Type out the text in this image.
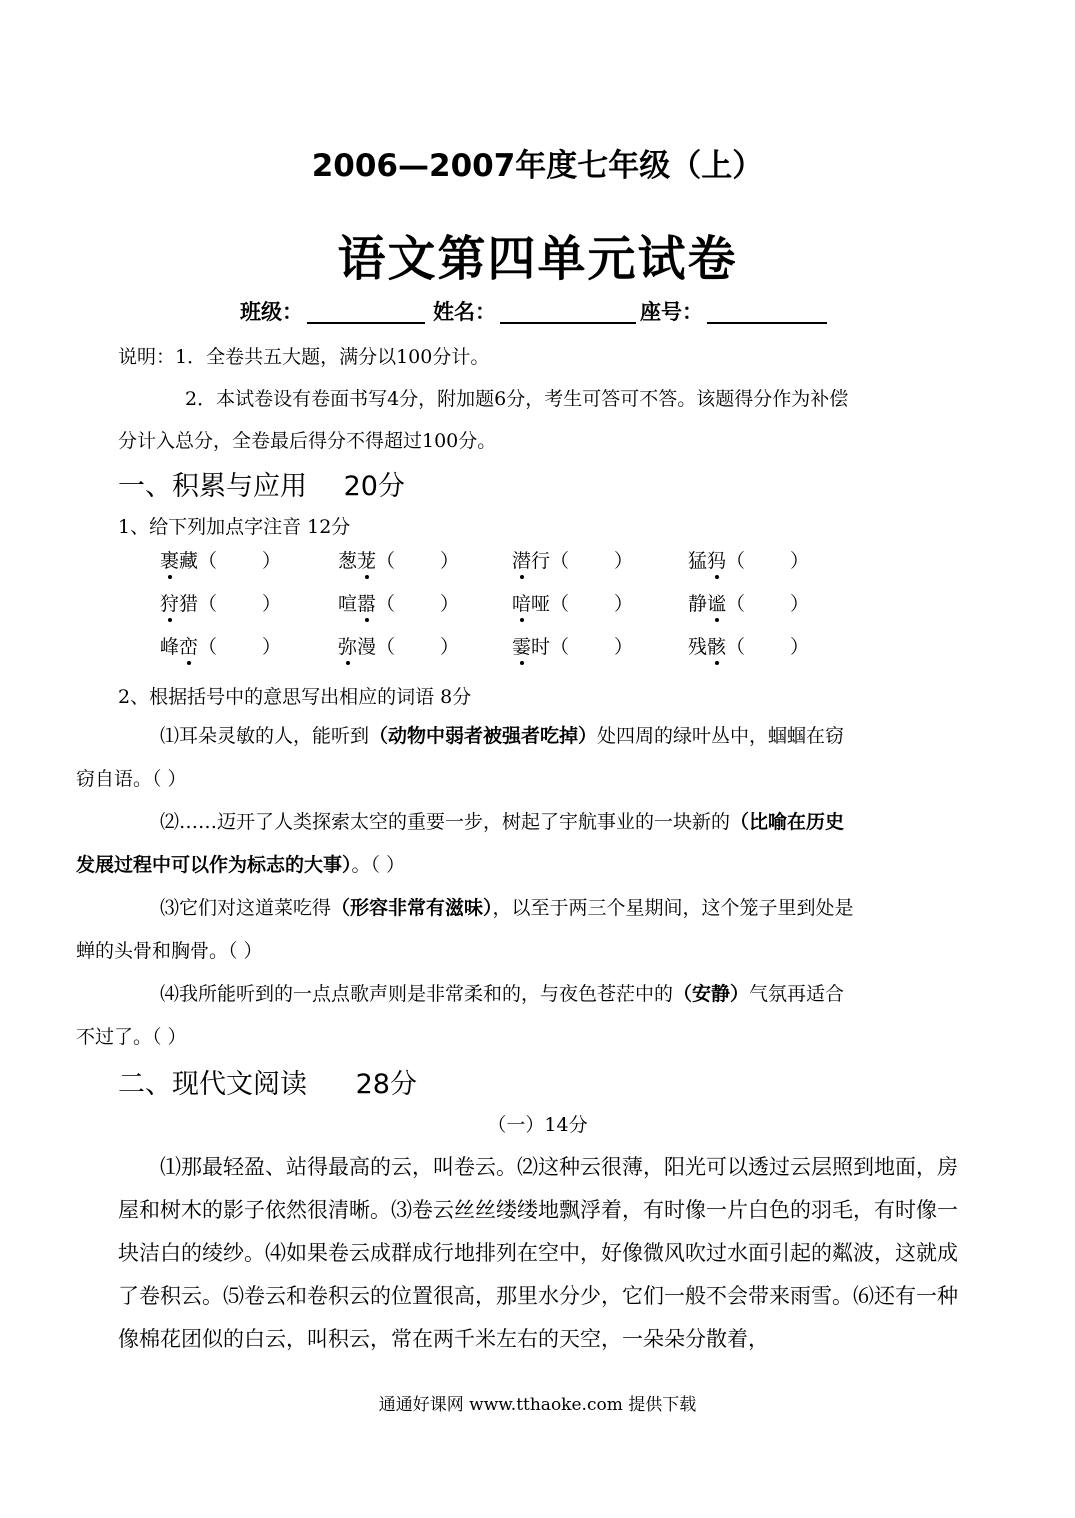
2006—2007年度七年级（上）
语文第四单元试卷
班级：	姓名：	座号：
说明：1．全卷共五大题，满分以100分计。
2．本试卷设有卷面书写4分，附加题6分，考生可答可不答。该题得分作为补偿
分计入总分，全卷最后得分不得超过100分。
一、积累与应用 20分
1、给下列加点字注音 12分
裹藏（ ）	葱茏（ ）	潜行（ ）	猛犸（ ）
狩猎（ ）	喧嚣（ ）	喑哑（ ）	静谧（ ）
峰峦（ ）	弥漫（ ）	霎时（ ）	残骸（ ）
2、根据括号中的意思写出相应的词语 8分
⑴耳朵灵敏的人，能听到（动物中弱者被强者吃掉）处四周的绿叶丛中，蝈蝈在窃
窃自语。（ ）
⑵……迈开了人类探索太空的重要一步，树起了宇航事业的一块新的（比喻在历史
发展过程中可以作为标志的大事）。（ ）
⑶它们对这道菜吃得（形容非常有滋味），以至于两三个星期间，这个笼子里到处是
蝉的头骨和胸骨。（ ）
⑷我所能听到的一点点歌声则是非常柔和的，与夜色苍茫中的（安静）气氛再适合
不过了。（ ）
二、现代文阅读 28分
（一）14分
⑴那最轻盈、站得最高的云，叫卷云。⑵这种云很薄，阳光可以透过云层照到地面，房屋和树木的影子依然很清晰。⑶卷云丝丝缕缕地飘浮着，有时像一片白色的羽毛，有时像一块洁白的绫纱。⑷如果卷云成群成行地排列在空中，好像微风吹过水面引起的粼波，这就成了卷积云。⑸卷云和卷积云的位置很高，那里水分少，它们一般不会带来雨雪。⑹还有一种像棉花团似的白云，叫积云，常在两千米左右的天空，一朵朵分散着，
通通好课网 www.tthaoke.com 提供下载
